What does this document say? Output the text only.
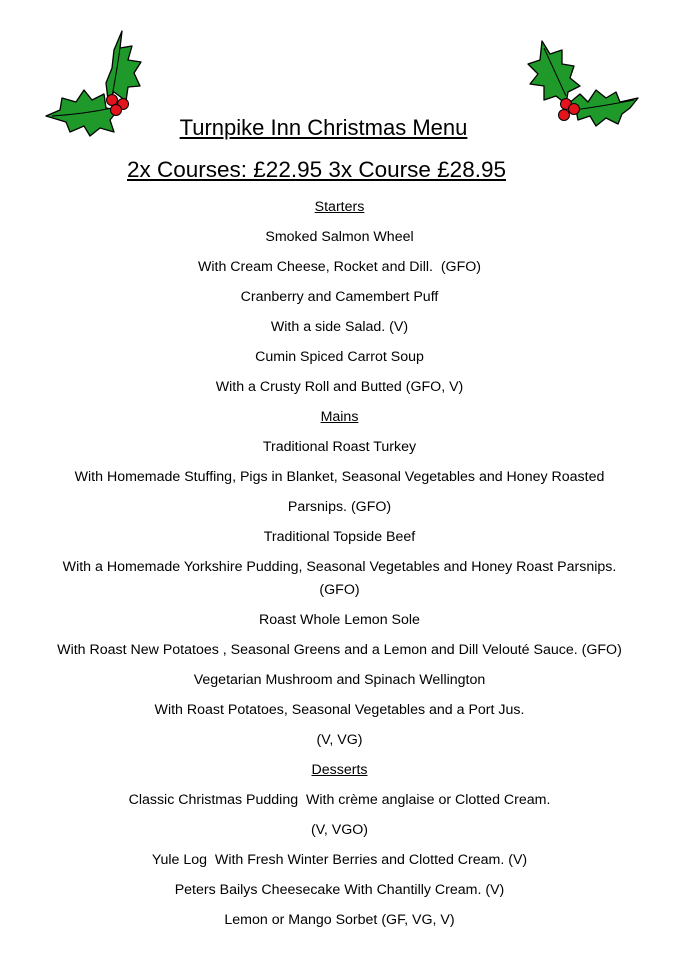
Turnpike Inn Christmas Menu
2x Courses: £22.95 3x Course £28.95
Starters
Smoked Salmon Wheel
With Cream Cheese, Rocket and Dill.  (GFO)
Cranberry and Camembert Puff
With a side Salad. (V)
Cumin Spiced Carrot Soup
With a Crusty Roll and Butted (GFO, V)
Mains
Traditional Roast Turkey
With Homemade Stuffing, Pigs in Blanket, Seasonal Vegetables and Honey Roasted
Parsnips. (GFO)
Traditional Topside Beef
With a Homemade Yorkshire Pudding, Seasonal Vegetables and Honey Roast Parsnips.
(GFO)
Roast Whole Lemon Sole
With Roast New Potatoes , Seasonal Greens and a Lemon and Dill Velouté Sauce. (GFO)
Vegetarian Mushroom and Spinach Wellington
With Roast Potatoes, Seasonal Vegetables and a Port Jus.
(V, VG)
Desserts
Classic Christmas Pudding  With crème anglaise or Clotted Cream.
(V, VGO)
Yule Log  With Fresh Winter Berries and Clotted Cream. (V)
Peters Bailys Cheesecake With Chantilly Cream. (V)
Lemon or Mango Sorbet (GF, VG, V)
